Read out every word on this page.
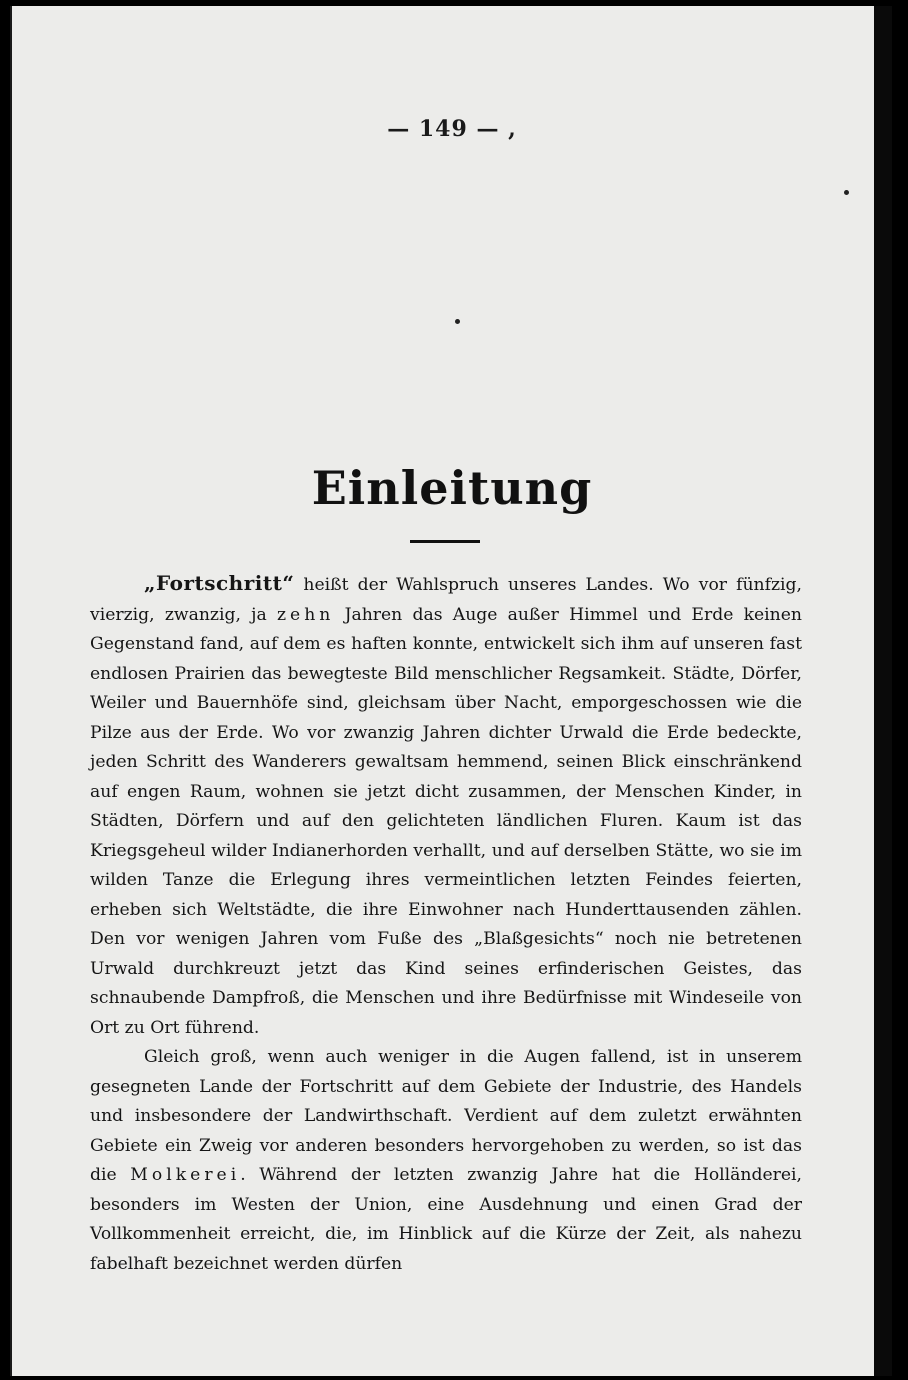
— 149 — ,
Einleitung

„Fortschritt“ heißt der Wahlspruch unseres Landes. Wo vor fünfzig, vierzig, zwanzig, ja zehn Jahren das Auge außer Himmel und Erde keinen Gegenstand fand, auf dem es haften konnte, entwickelt sich ihm auf unseren fast endlosen Prairien das bewegteste Bild menschlicher Regsamkeit. Städte, Dörfer, Weiler und Bauernhöfe sind, gleichsam über Nacht, emporgeschossen wie die Pilze aus der Erde. Wo vor zwanzig Jahren dichter Urwald die Erde bedeckte, jeden Schritt des Wanderers gewaltsam hemmend, seinen Blick einschränkend auf engen Raum, wohnen sie jetzt dicht zusammen, der Menschen Kinder, in Städten, Dörfern und auf den gelichteten ländlichen Fluren. Kaum ist das Kriegsgeheul wilder Indianerhorden verhallt, und auf derselben Stätte, wo sie im wilden Tanze die Erlegung ihres vermeintlichen letzten Feindes feierten, erheben sich Weltstädte, die ihre Einwohner nach Hunderttausenden zählen. Den vor wenigen Jahren vom Fuße des „Blaßgesichts“ noch nie betretenen Urwald durchkreuzt jetzt das Kind seines erfinderischen Geistes, das schnaubende Dampfroß, die Menschen und ihre Bedürfnisse mit Windeseile von Ort zu Ort führend.

Gleich groß, wenn auch weniger in die Augen fallend, ist in unserem gesegneten Lande der Fortschritt auf dem Gebiete der Industrie, des Handels und insbesondere der Landwirthschaft. Verdient auf dem zuletzt erwähnten Gebiete ein Zweig vor anderen besonders hervorgehoben zu werden, so ist das die Molkerei. Während der letzten zwanzig Jahre hat die Holländerei, besonders im Westen der Union, eine Ausdehnung und einen Grad der Vollkommenheit erreicht, die, im Hinblick auf die Kürze der Zeit, als nahezu fabelhaft bezeichnet werden dürfen
